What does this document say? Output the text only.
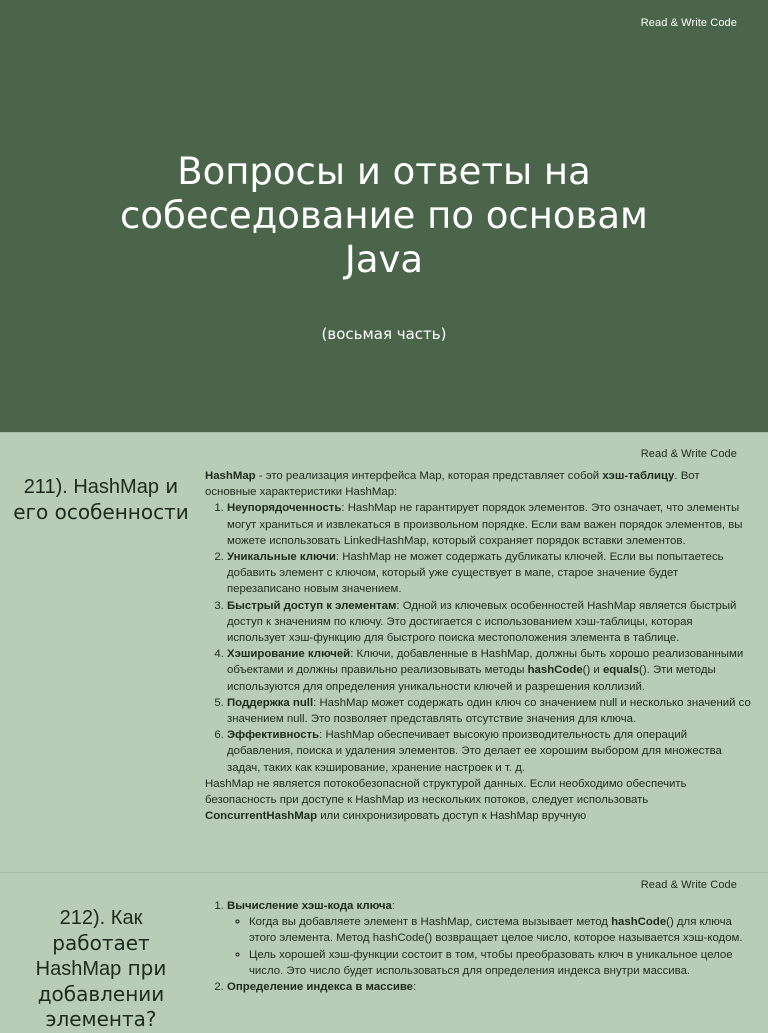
Read & Write Code
Вопросы и ответы на собеседование по основам Java
(восьмая часть)
Read & Write Code
211). HashMap и его особенности

HashMap - это реализация интерфейса Map, которая представляет собой хэш-таблицу. Вот основные характеристики HashMap:

1. Неупорядоченность: HashMap не гарантирует порядок элементов. Это означает, что элементы могут храниться и извлекаться в произвольном порядке. Если вам важен порядок элементов, вы можете использовать LinkedHashMap, который сохраняет порядок вставки элементов.
2. Уникальные ключи: HashMap не может содержать дубликаты ключей. Если вы попытаетесь добавить элемент с ключом, который уже существует в мапе, старое значение будет перезаписано новым значением.
3. Быстрый доступ к элементам: Одной из ключевых особенностей HashMap является быстрый доступ к значениям по ключу. Это достигается с использованием хэш-таблицы, которая использует хэш-функцию для быстрого поиска местоположения элемента в таблице.
4. Хэширование ключей: Ключи, добавленные в HashMap, должны быть хорошо реализованными объектами и должны правильно реализовывать методы hashCode() и equals(). Эти методы используются для определения уникальности ключей и разрешения коллизий.
5. Поддержка null: HashMap может содержать один ключ со значением null и несколько значений со значением null. Это позволяет представлять отсутствие значения для ключа.
6. Эффективность: HashMap обеспечивает высокую производительность для операций добавления, поиска и удаления элементов. Это делает ее хорошим выбором для множества задач, таких как кэширование, хранение настроек и т. д.

HashMap не является потокобезопасной структурой данных. Если необходимо обеспечить безопасность при доступе к HashMap из нескольких потоков, следует использовать ConcurrentHashMap или синхронизировать доступ к HashMap вручную

Read & Write Code
212). Как
работает
HashMap при добавлении элемента?
1. Вычисление хэш-кода ключа:
◦ Когда вы добавляете элемент в HashMap, система вызывает метод hashCode() для ключа этого элемента. Метод hashCode() возвращает целое число, которое называется хэш-кодом.
◦ Цель хорошей хэш-функции состоит в том, чтобы преобразовать ключ в уникальное целое число. Это число будет использоваться для определения индекса внутри массива.
2. Определение индекса в массиве:
